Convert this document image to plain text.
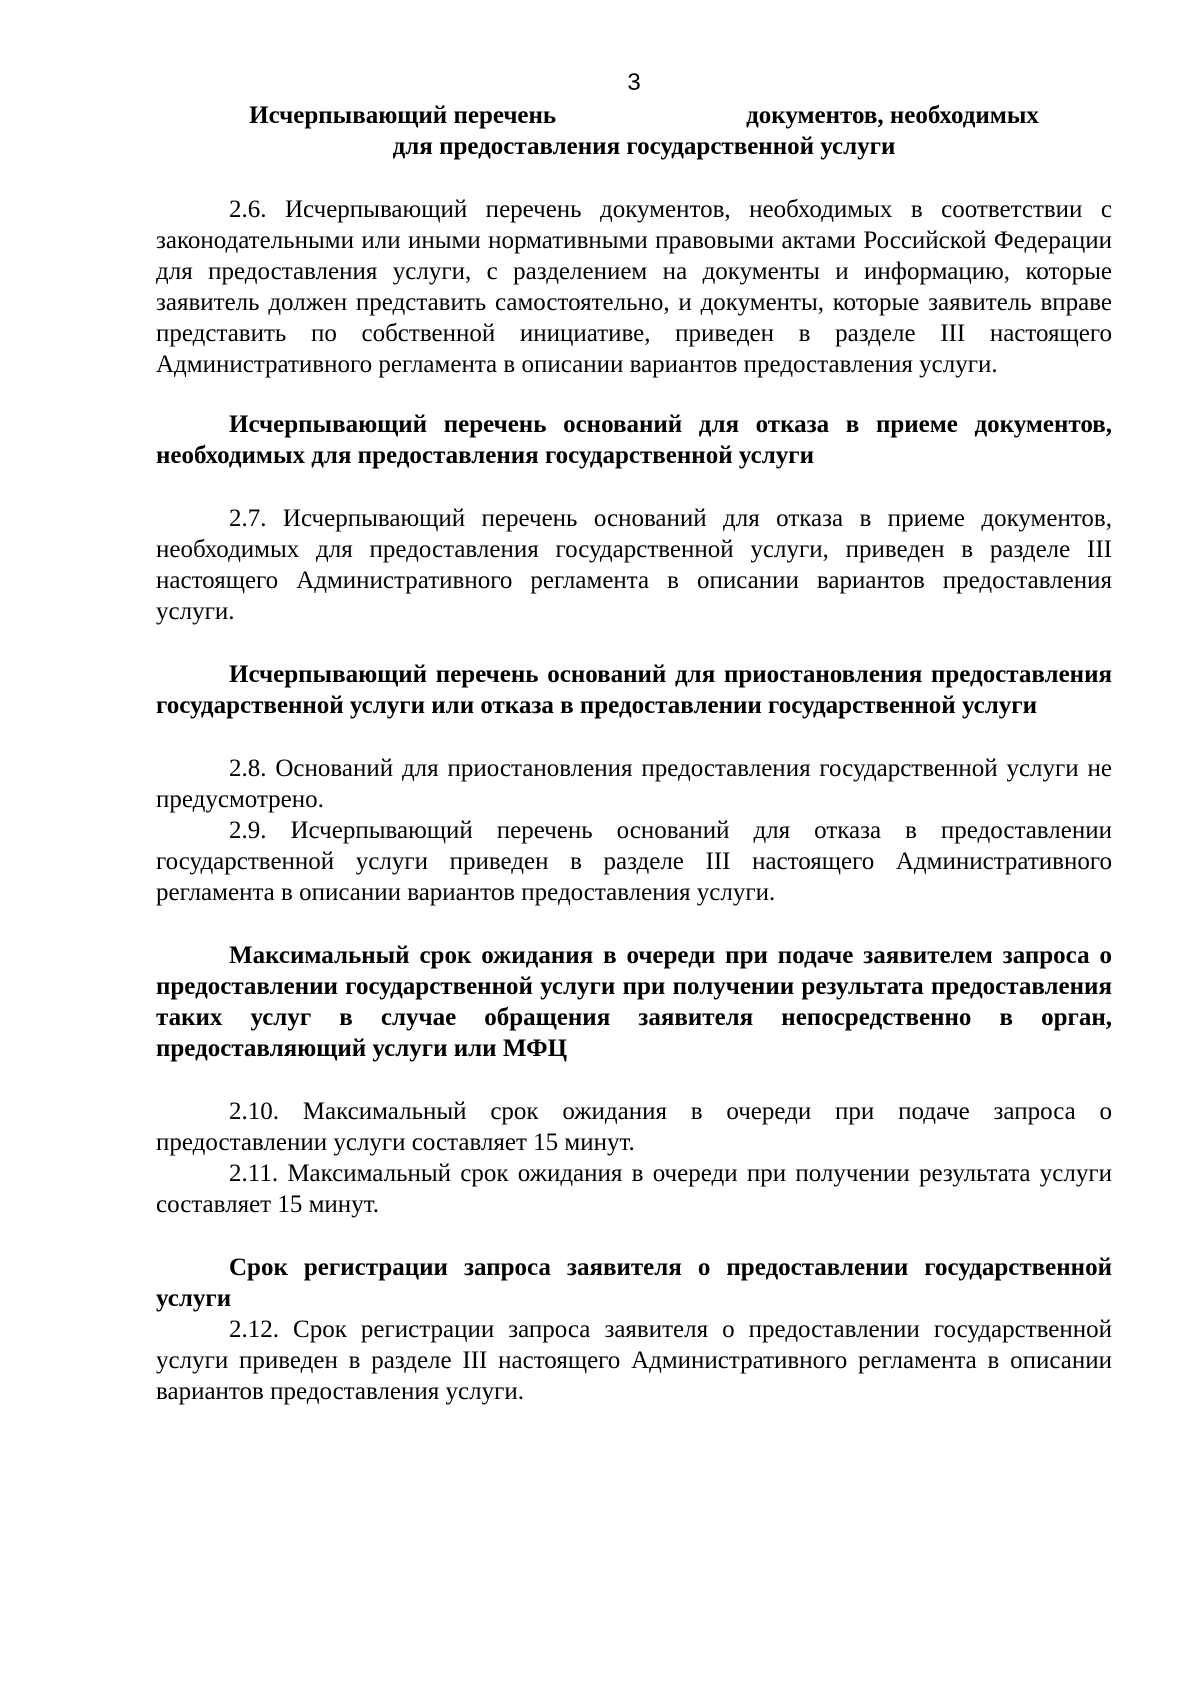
3

Исчерпывающий перечень	документов, необходимых
для предоставления государственной услуги

2.6. Исчерпывающий перечень документов, необходимых в соответствии с законодательными или иными нормативными правовыми актами Российской Федерации для предоставления услуги, с разделением на документы и информацию, которые заявитель должен представить самостоятельно, и документы, которые заявитель вправе представить по собственной инициативе, приведен в разделе III настоящего Административного регламента в описании вариантов предоставления услуги.

Исчерпывающий перечень оснований для отказа в приеме документов, необходимых для предоставления государственной услуги

2.7. Исчерпывающий перечень оснований для отказа в приеме документов, необходимых для предоставления государственной услуги, приведен в разделе III настоящего Административного регламента в описании вариантов предоставления услуги.

Исчерпывающий перечень оснований для приостановления предоставления государственной услуги или отказа в предоставлении государственной услуги

2.8. Оснований для приостановления предоставления государственной услуги не предусмотрено.

2.9. Исчерпывающий перечень оснований для отказа в предоставлении государственной услуги приведен в разделе III настоящего Административного регламента в описании вариантов предоставления услуги.

Максимальный срок ожидания в очереди при подаче заявителем запроса о предоставлении государственной услуги при получении результата предоставления таких услуг в случае обращения заявителя непосредственно в орган, предоставляющий услуги или МФЦ

2.10. Максимальный срок ожидания в очереди при подаче запроса о предоставлении услуги составляет 15 минут.

2.11. Максимальный срок ожидания в очереди при получении результата услуги составляет 15 минут.

Срок регистрации запроса заявителя о предоставлении государственной услуги

2.12. Срок регистрации запроса заявителя о предоставлении государственной услуги приведен в разделе III настоящего Административного регламента в описании вариантов предоставления услуги.
